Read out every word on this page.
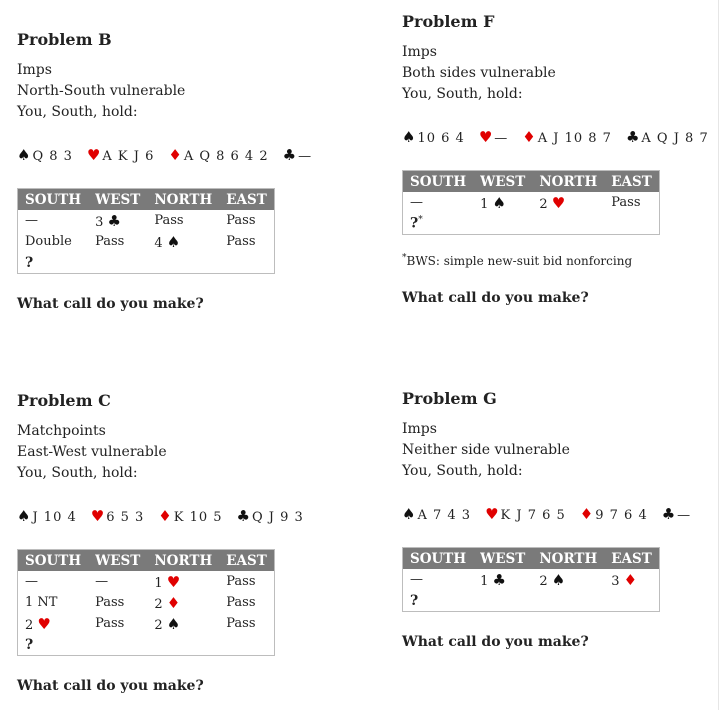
Problem B
Imps
North-South vulnerable
You, South, hold:
♠Q 8 3 ♥A K J 6 ♦A Q 8 6 4 2 ♣—
SOUTH	WEST	NORTH	EAST
—	3 ♣	Pass	Pass
Double	Pass	4 ♠	Pass
?			
What call do you make?
Problem C
Matchpoints
East-West vulnerable
You, South, hold:
♠J 10 4 ♥6 5 3 ♦K 10 5 ♣Q J 9 3
SOUTH	WEST	NORTH	EAST
—	—	1 ♥	Pass
1 NT	Pass	2 ♦	Pass
2 ♥	Pass	2 ♠	Pass
?			
What call do you make?
Problem F
Imps
Both sides vulnerable
You, South, hold:
♠10 6 4 ♥— ♦A J 10 8 7 ♣A Q J 8 7
SOUTH	WEST	NORTH	EAST
—	1 ♠	2 ♥	Pass
?*			
*BWS: simple new-suit bid nonforcing
What call do you make?
Problem G
Imps
Neither side vulnerable
You, South, hold:
♠A 7 4 3 ♥K J 7 6 5 ♦9 7 6 4 ♣—
SOUTH	WEST	NORTH	EAST
—	1 ♣	2 ♠	3 ♦
?			
What call do you make?
